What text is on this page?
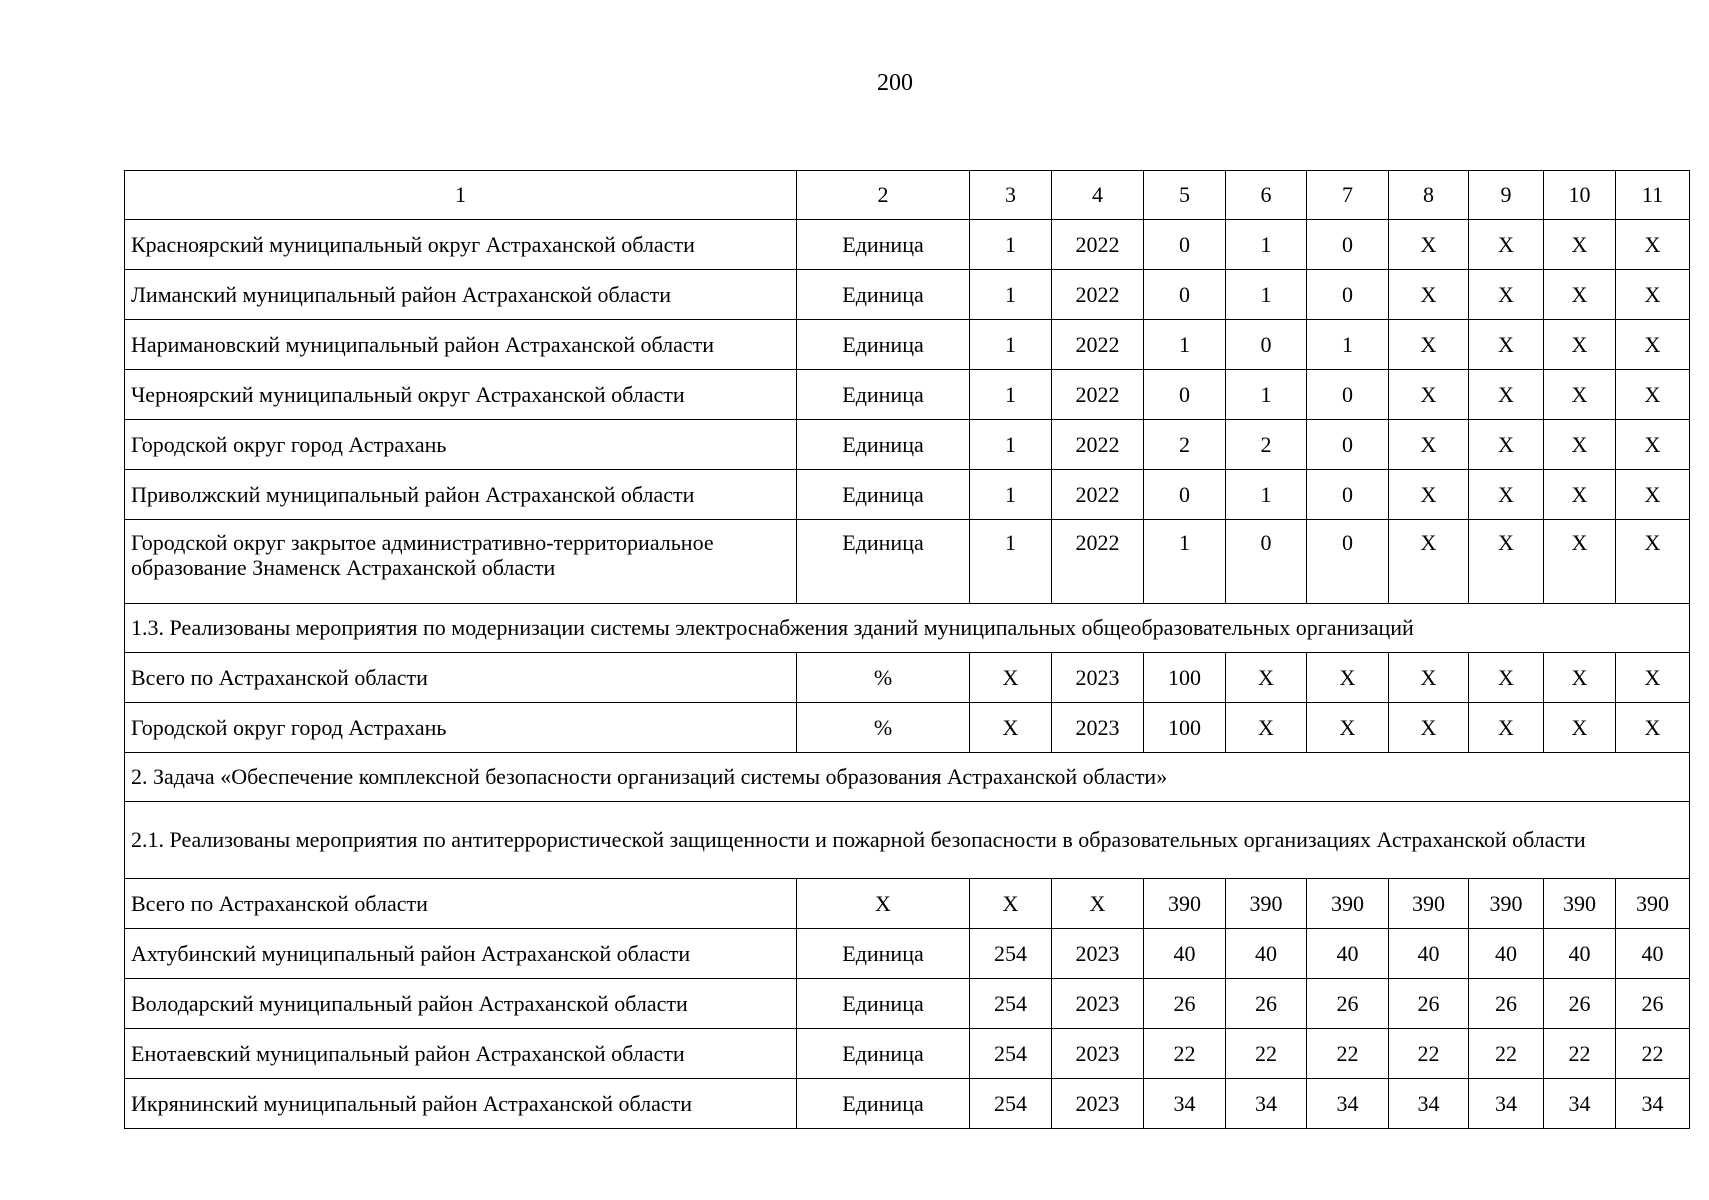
200
1	2	3	4	5	6	7	8	9	10	11
Красноярский муниципальный округ Астраханской области	Единица	1	2022	0	1	0	X	X	X	X
Лиманский муниципальный район Астраханской области	Единица	1	2022	0	1	0	X	X	X	X
Наримановский муниципальный район Астраханской области	Единица	1	2022	1	0	1	X	X	X	X
Черноярский муниципальный округ Астраханской области	Единица	1	2022	0	1	0	X	X	X	X
Городской округ город Астрахань	Единица	1	2022	2	2	0	X	X	X	X
Приволжский муниципальный район Астраханской области	Единица	1	2022	0	1	0	X	X	X	X
Городской округ закрытое административно-территориальное образование Знаменск Астраханской области	Единица	1	2022	1	0	0	X	X	X	X
1.3. Реализованы мероприятия по модернизации системы электроснабжения зданий муниципальных общеобразовательных организаций										
Всего по Астраханской области	%	X	2023	100	X	X	X	X	X	X
Городской округ город Астрахань	%	X	2023	100	X	X	X	X	X	X
2. Задача «Обеспечение комплексной безопасности организаций системы образования Астраханской области»										
2.1. Реализованы мероприятия по антитеррористической защищенности и пожарной безопасности в образовательных организациях Астраханской области										
Всего по Астраханской области	X	X	X	390	390	390	390	390	390	390
Ахтубинский муниципальный район Астраханской области	Единица	254	2023	40	40	40	40	40	40	40
Володарский муниципальный район Астраханской области	Единица	254	2023	26	26	26	26	26	26	26
Енотаевский муниципальный район Астраханской области	Единица	254	2023	22	22	22	22	22	22	22
Икрянинский муниципальный район Астраханской области	Единица	254	2023	34	34	34	34	34	34	34
